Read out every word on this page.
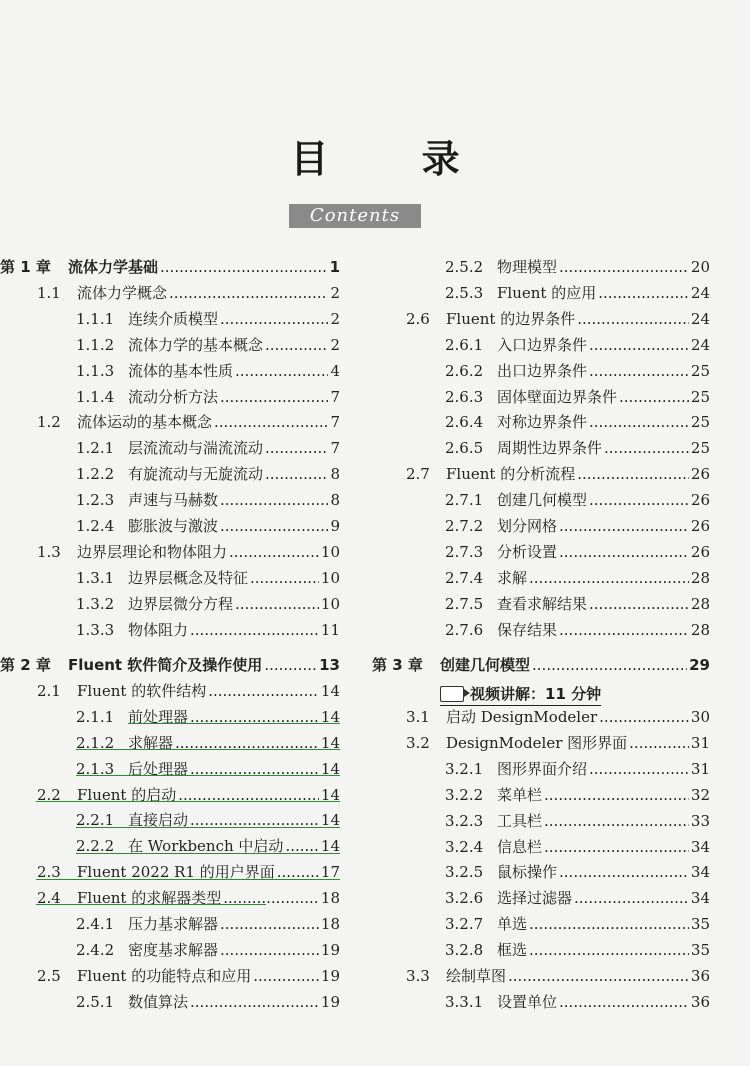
目 录
Contents
第 1 章	流体力学基础 .....	1
1.1	流体力学概念 .....	2
1.1.1 连续介质模型 .....	2
1.1.2 流体力学的基本概念 .....	2
1.1.3 流体的基本性质 .....	4
1.1.4 流动分析方法 .....	7
1.2	流体运动的基本概念 .....	7
1.2.1 层流流动与湍流流动 .....	7
1.2.2 有旋流动与无旋流动 .....	8
1.2.3 声速与马赫数 .....	8
1.2.4 膨胀波与激波 .....	9
1.3	边界层理论和物体阻力 .....	10
1.3.1 边界层概念及特征 .....	10
1.3.2 边界层微分方程 .....	10
1.3.3 物体阻力 .....	11
第 2 章	Fluent 软件简介及操作使用 .....	13
2.1	Fluent 的软件结构 .....	14
2.1.1 前处理器 .....	14
2.1.2 求解器 .....	14
2.1.3 后处理器 .....	14
2.2	Fluent 的启动 .....	14
2.2.1 直接启动 .....	14
2.2.2 在 Workbench 中启动 ..... 14
2.3	Fluent 2022 R1 的用户界面 .....	17
2.4	Fluent 的求解器类型 .....	18
2.4.1 压力基求解器 .....	18
2.4.2 密度基求解器 .....	19
2.5	Fluent 的功能特点和应用 .....	19
2.5.1 数值算法 .....	19
2.5.2 物理模型 .....	20
2.5.3 Fluent 的应用 .....	24
2.6	Fluent 的边界条件 .....	24
2.6.1 入口边界条件 .....	24
2.6.2 出口边界条件 .....	25
2.6.3 固体壁面边界条件 .....	25
2.6.4 对称边界条件 .....	25
2.6.5 周期性边界条件 .....	25
2.7	Fluent 的分析流程 .....	26
2.7.1 创建几何模型 .....	26
2.7.2 划分网格 .....	26
2.7.3 分析设置 .....	26
2.7.4 求解 .....	28
2.7.5 查看求解结果 .....	28
2.7.6 保存结果 .....	28
第 3 章	创建几何模型 .....	29
3.1	启动 DesignModeler .....	30
3.2	DesignModeler 图形界面 .....	31
3.2.1 图形界面介绍 .....	31
3.2.2 菜单栏 .....	32
3.2.3 工具栏 .....	33
3.2.4 信息栏 .....	34
3.2.5 鼠标操作 .....	34
3.2.6 选择过滤器 .....	34
3.2.7 单选 .....	35
3.2.8 框选 .....	35
3.3	绘制草图 .....	36
3.3.1 设置单位 .....	36
视频讲解：11 分钟
